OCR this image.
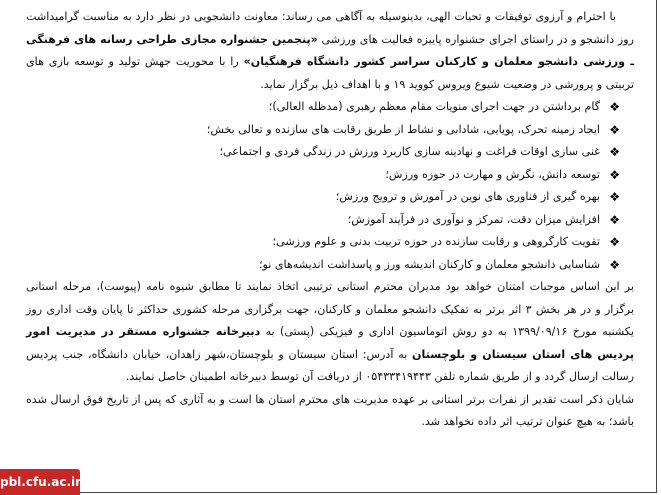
با احترام و آرزوی توفیقات و تحیات الهی، بدینوسیله به آگاهی می رساند: معاونت دانشجویی در نظر دارد به مناسبت گرامیداشت روز دانشجو و در راستای اجرای جشنواره پاییزه فعالیت های ورزشی «پنجمین جشنواره مجازی طراحی رسانه های فرهنگی ـ ورزشی دانشجو معلمان و کارکنان سراسر کشور دانشگاه فرهنگیان» را با محوریت جهش تولید و توسعه بازی های تربیتی و پرورشی در وضعیت شیوع ویروس کووید ۱۹ و با اهداف ذیل برگزار نماید.

❖
گام برداشتن در جهت اجرای منویات مقام معظم رهبری (مدظله العالی)؛
❖
ایجاد زمینه تحرک، پویایی، شادابی و نشاط از طریق رقابت های سازنده و تعالی بخش؛
❖
غنی سازی اوقات فراغت و نهادینه سازی کاربرد ورزش در زندگی فردی و اجتماعی؛
❖
توسعه دانش، نگرش و مهارت در حوزه ورزش؛
❖
بهره گیری از فناوری های نوین در آموزش و ترویج ورزش؛
❖
افزایش میزان دقت، تمرکز و نوآوری در فرآیند آموزش؛
❖
تقویت کارگروهی و رقابت سازنده در حوزه تربیت بدنی و علوم ورزشی؛
❖
شناسایی دانشجو معلمان و کارکنان اندیشه ورز و پاسداشت اندیشه‌های نو؛

بر این اساس موجبات امتنان خواهد بود مدیران محترم استانی ترتیبی اتخاذ نمایند تا مطابق شیوه نامه (پیوست)، مرحله استانی برگزار و در هر بخش ۳ اثر برتر به تفکیک دانشجو معلمان و کارکنان، جهت برگزاری مرحله کشوری حداکثر تا پایان وقت اداری روز یکشنبه مورخ ۱۳۹۹/۰۹/۱۶ به دو روش اتوماسیون اداری و فیزیکی (پستی) به دبیرخانه جشنواره مستقر در مدیریت امور پردیس های استان سیستان و بلوچستان به آدرس: استان سیستان و بلوچستان،شهر زاهدان، خیابان دانشگاه، جنب پردیس رسالت ارسال گردد و از طریق شماره تلفن ۰۵۴۳۳۴۱۹۴۴۳ از دریافت آن توسط دبیرخانه اطمینان حاصل نمایند.

شایان ذکر است تقدیر از نفرات برتر استانی بر عهده مدیریت های محترم استان ها است و به آثاری که پس از تاریخ فوق ارسال شده باشد؛ به هیچ عنوان ترتیب اثر داده نخواهد شد.

pbl.cfu.ac.ir
